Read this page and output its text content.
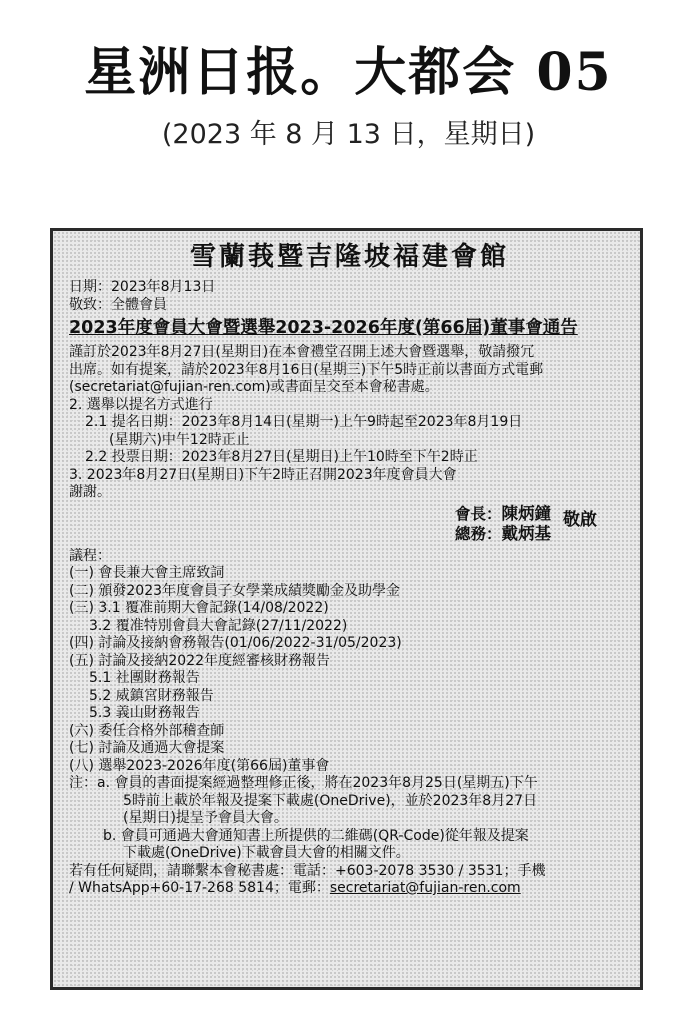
星洲日报。大都会 05
(2023 年 8 月 13 日，星期日)
雪蘭莪暨吉隆坡福建會館
日期：2023年8月13日
敬致：全體會員
2023年度會員大會暨選舉2023-2026年度(第66屆)董事會通告
謹訂於2023年8月27日(星期日)在本會禮堂召開上述大會暨選舉，敬請撥冗
出席。如有提案，請於2023年8月16日(星期三)下午5時正前以書面方式電郵
(secretariat@fujian-ren.com)或書面呈交至本會秘書處。
2. 選舉以提名方式進行
2.1 提名日期：2023年8月14日(星期一)上午9時起至2023年8月19日
(星期六)中午12時正止
2.2 投票日期：2023年8月27日(星期日)上午10時至下午2時正
3. 2023年8月27日(星期日)下午2時正召開2023年度會員大會
謝謝。
會長：陳炳鐘
總務：戴炳基
敬啟
議程：
(一) 會長兼大會主席致詞
(二) 頒發2023年度會員子女學業成績獎勵金及助學金
(三) 3.1 覆准前期大會記錄(14/08/2022)
3.2 覆准特別會員大會記錄(27/11/2022)
(四) 討論及接納會務報告(01/06/2022-31/05/2023)
(五) 討論及接納2022年度經審核財務報告
5.1 社團財務報告
5.2 威鎮宮財務報告
5.3 義山財務報告
(六) 委任合格外部稽查師
(七) 討論及通過大會提案
(八) 選舉2023-2026年度(第66屆)董事會
注：a. 會員的書面提案經過整理修正後，將在2023年8月25日(星期五)下午
5時前上載於年報及提案下載處(OneDrive)，並於2023年8月27日
(星期日)提呈予會員大會。
b. 會員可通過大會通知書上所提供的二維碼(QR-Code)從年報及提案
下載處(OneDrive)下載會員大會的相關文件。
若有任何疑問，請聯繫本會秘書處：電話：+603-2078 3530 / 3531；手機
/ WhatsApp+60-17-268 5814；電郵：secretariat@fujian-ren.com
